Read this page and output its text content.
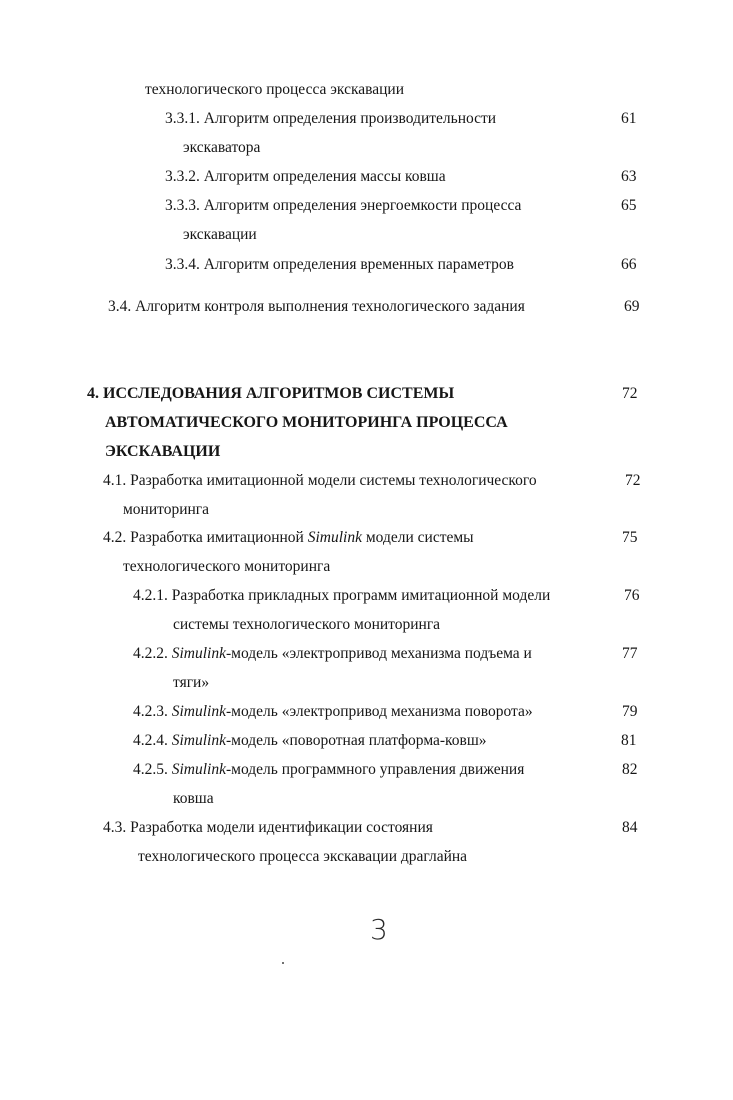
технологического процесса экскавации
3.3.1. Алгоритм определения производительности	61
экскаватора
3.3.2. Алгоритм определения массы ковша	63
3.3.3. Алгоритм определения энергоемкости процесса	65
экскавации
3.3.4. Алгоритм определения временных параметров	66
3.4. Алгоритм контроля выполнения технологического задания	69
4. ИССЛЕДОВАНИЯ АЛГОРИТМОВ СИСТЕМЫ	72
АВТОМАТИЧЕСКОГО МОНИТОРИНГА ПРОЦЕССА
ЭКСКАВАЦИИ
4.1. Разработка имитационной модели системы технологического	72
мониторинга
4.2. Разработка имитационной Simulink модели системы	75
технологического мониторинга
4.2.1. Разработка прикладных программ имитационной модели	76
системы технологического мониторинга
4.2.2. Simulink-модель «электропривод механизма подъема и	77
тяги»
4.2.3. Simulink-модель «электропривод механизма поворота»	79
4.2.4. Simulink-модель «поворотная платформа-ковш»	81
4.2.5. Simulink-модель программного управления движения	82
ковша
4.3. Разработка модели идентификации состояния	84
технологического процесса экскавации драглайна
3
